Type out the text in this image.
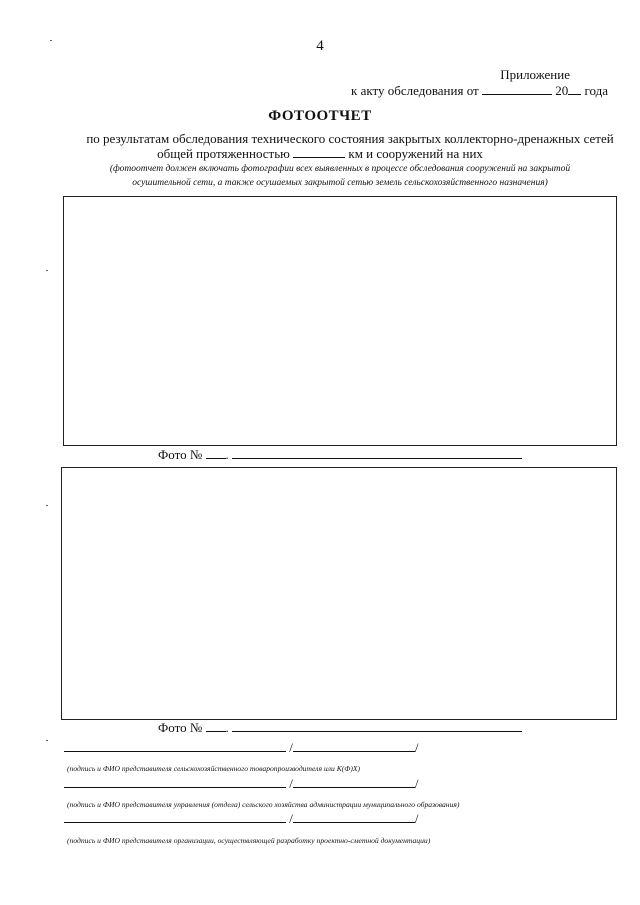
4
Приложение
к акту обследования от	20 года
ФОТООТЧЕТ
по результатам обследования технического состояния закрытых коллекторно-дренажных сетей
общей протяженностью	км и сооружений на них
(фотоотчет должен включать фотографии всех выявленных в процессе обследования сооружений на закрытой
осушительной сети, а также осушаемых закрытой сетью земель сельскохозяйственного назначения)
Фото № .
Фото № .
/	/
(подпись и ФИО представителя сельскохозяйственного товаропроизводителя или К(Ф)Х)
/	/
(подпись и ФИО представителя управления (отдела) сельского хозяйства администрации муниципального образования)
/	/
(подпись и ФИО представителя организации, осуществляющей разработку проектно-сметной документации)
